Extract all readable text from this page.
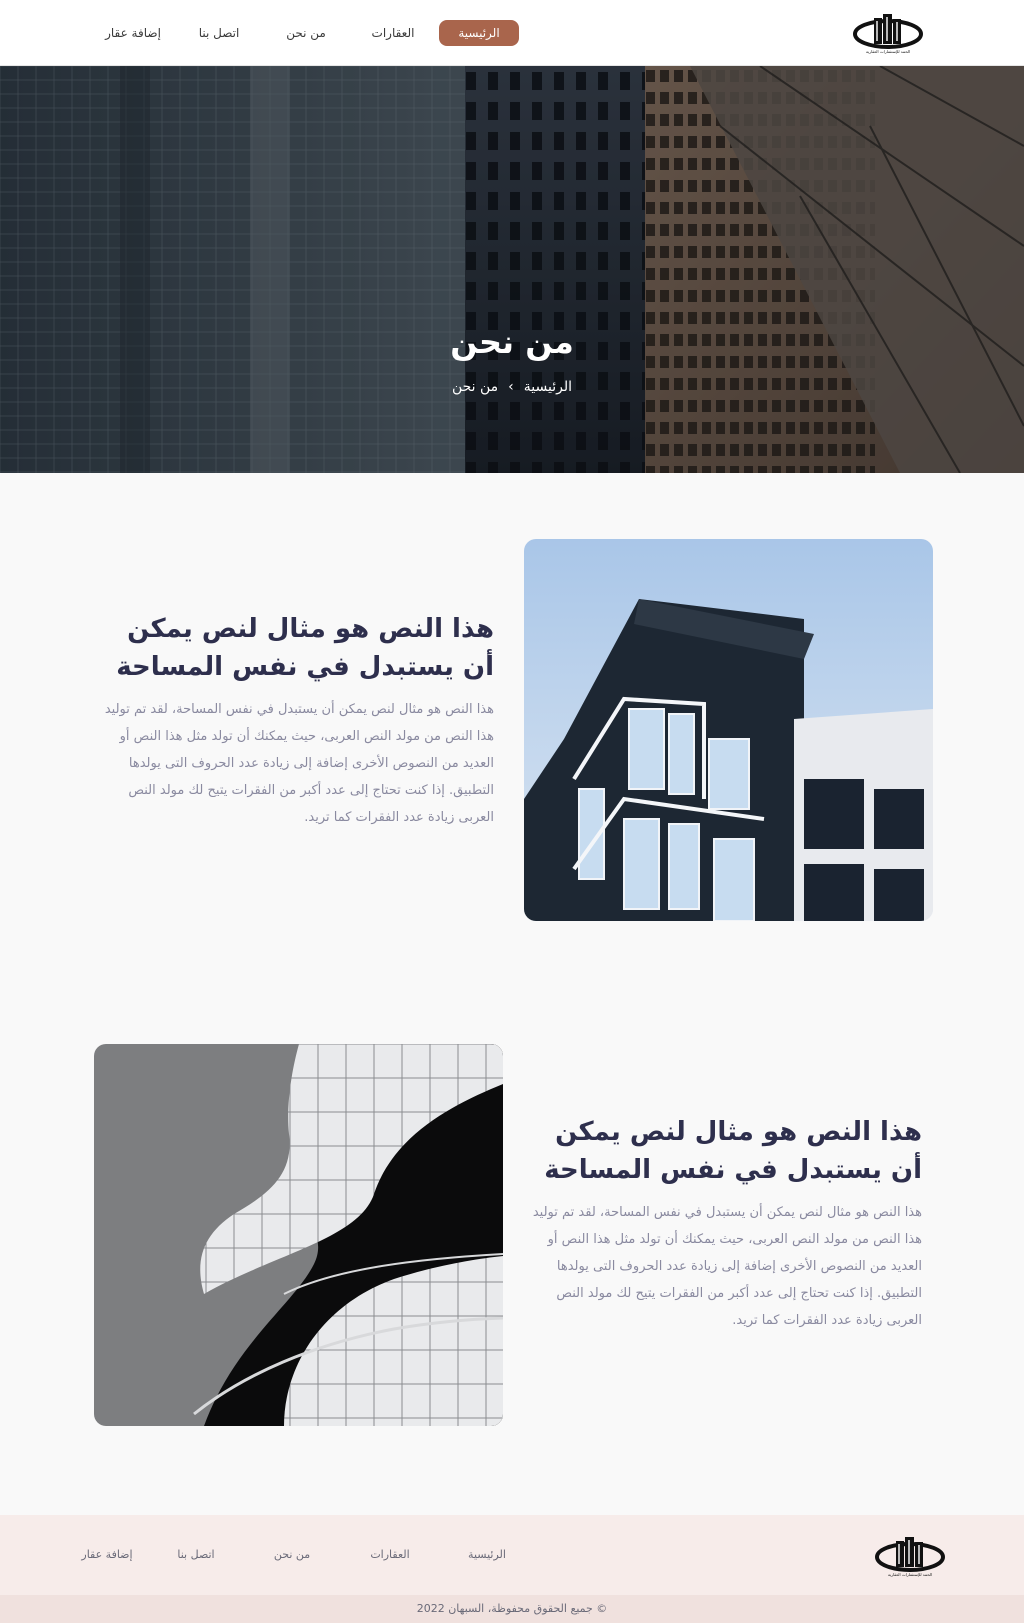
الحمد للإستثمارات العقارية
الرئيسية
العقارات
من نحن
اتصل بنا
إضافة عقار
من نحن
الرئيسية›من نحن
هذا النص هو مثال لنص يمكن
أن يستبدل في نفس المساحة

هذا النص هو مثال لنص يمكن أن يستبدل في نفس المساحة، لقد تم توليد هذا النص من مولد النص العربى، حيث يمكنك أن تولد مثل هذا النص أو العديد من النصوص الأخرى إضافة إلى زيادة عدد الحروف التى يولدها التطبيق. إذا كنت تحتاج إلى عدد أكبر من الفقرات يتيح لك مولد النص العربى زيادة عدد الفقرات كما تريد.

هذا النص هو مثال لنص يمكن
أن يستبدل في نفس المساحة

هذا النص هو مثال لنص يمكن أن يستبدل في نفس المساحة، لقد تم توليد هذا النص من مولد النص العربى، حيث يمكنك أن تولد مثل هذا النص أو العديد من النصوص الأخرى إضافة إلى زيادة عدد الحروف التى يولدها التطبيق. إذا كنت تحتاج إلى عدد أكبر من الفقرات يتيح لك مولد النص العربى زيادة عدد الفقرات كما تريد.

الحمد للإستثمارات العقارية
الرئيسية
العقارات
من نحن
اتصل بنا
إضافة عقار
© جميع الحقوق محفوظة، السبهان 2022
